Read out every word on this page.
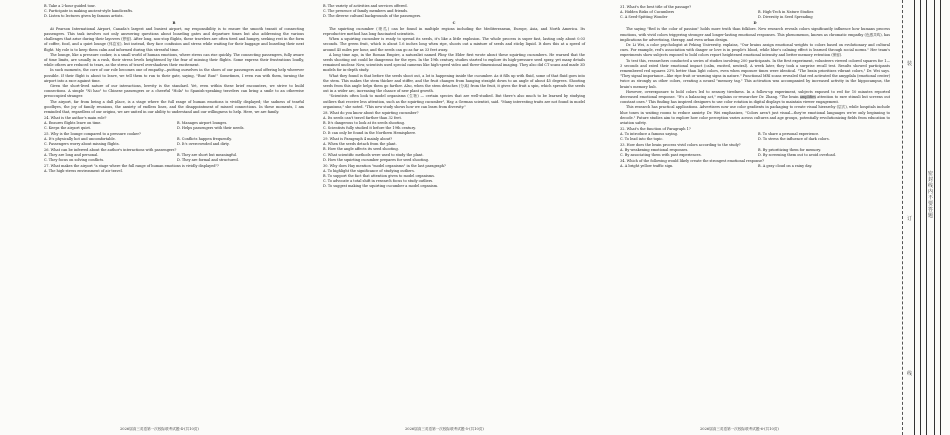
B. Take a 2-hour guided tour.

C. Participate in making ancient-style handicrafts.

D. Listen to lectures given by famous artists.

B

At Pearson International Airport, Canada's largest and busiest airport, my responsibility is to ensure the smooth transit of connecting passengers. This task involves not only answering questions about boarding gates and departure times but also addressing the various challenges that arise during their layovers (停留). After long, non-stop flights, these travelers are often tired and hungry, seeking rest in the form of coffee, food, and a quiet lounge (休息室), but instead, they face confusion and stress while waiting for their baggage and boarding their next flight. My role is to keep them calm and informed during this stressful time.

The lounge, like a pressure cooker, is a small world of human emotions, where stress can rise quickly. The connecting passengers, fully aware of time limits, are usually in a rush, their stress levels heightened by the fear of missing their flights. Some express their frustrations loudly, while others are reduced to tears, as the stress of travel overshadows their excitement.

In such moments, the core of our role becomes one of empathy—putting ourselves in the shoes of our passengers and offering help wherever possible. If their flight is about to leave, we tell them to run to their gate, saying, "Run! Run!" Sometimes, I even run with them, turning the airport into a race against time.

Given the short-lived nature of our interactions, brevity is the standard. Yet, even within these brief encounters, we strive to build connections. A simple "Ni hao" to Chinese passengers or a cheerful "Hola" to Spanish-speaking travelers can bring a smile to an otherwise preoccupied stranger.

The airport, far from being a dull place, is a stage where the full range of human emotions is vividly displayed; the sadness of tearful goodbyes, the joy of family reunions, the anxiety of endless lines, and the disappointment of missed connections. In these moments, I am reminded that, regardless of our origins, we are united in our ability to understand and our willingness to help. Here, we are family.

24. What is the author's main role?

A. Ensures flights leave on time.	B. Manages airport lounges.
C. Keeps the airport quiet.	D. Helps passengers with their needs.

25. Why is the lounge compared to a pressure cooker?

A. It's physically hot and uncomfortable.	B. Conflicts happen frequently.
C. Passengers worry about missing flights.	D. It's overcrowded and dirty.

26. What can be inferred about the author's interactions with passengers?

A. They are long and personal.	B. They are short but meaningful.
C. They focus on solving conflicts.	D. They are formal and structured.

27. What makes the airport "a stage where the full range of human emotions is vividly displayed"?

A. The high-stress environment of air travel.

B. The variety of activities and services offered.

C. The presence of family members and friends.

D. The diverse cultural backgrounds of the passengers.

C

The squirting cucumber (喷瓜) can be found in multiple regions including the Mediterranean, Europe, Asia, and North America. Its reproductive method has long fascinated scientists.

When a squirting cucumber is ready to spread its seeds, it's like a little explosion. The whole process is super fast, lasting only about 0.03 seconds. The green fruit, which is about 1.6 inches long when ripe, shoots out a mixture of seeds and sticky liquid. It does this at a speed of around 45 miles per hour, and the seeds can go as far as 33 feet away.

A long time ago, in the Roman Empire, a naturalist named Pliny the Elder first wrote about these squirting cucumbers. He warned that the seeds shooting out could be dangerous for the eyes. In the 19th century, studies started to explore its high-pressure seed spray, yet many details remained unclear. Now, scientists used special cameras like high-speed video and three-dimensional imaging. They also did CT scans and made 3D models for in-depth study.

What they found is that before the seeds shoot out, a lot is happening inside the cucumber. As it fills up with fluid, some of that fluid goes into the stem. This makes the stem thicker and stiffer, and the fruit changes from hanging straight down to an angle of about 45 degrees. Shooting seeds from this angle helps them go farther. Also, when the stem detaches (分离) from the fruit, it gives the fruit a spin, which spreads the seeds out in a wider arc, increasing the chance of new plant growth.

"Scientists often look to model organisms (生物) — certain species that are well-studied. But there's also much to be learned by studying outliers that receive less attention, such as the squirting cucumber", Hay, a German scientist, said. "Many interesting traits are not found in model organisms," she noted. "This new study shows how we can learn from diversity."

28. What do you know about the squirting cucumber?

A. Its seeds can't travel farther than 32 feet.

B. It's dangerous to look at its seeds shooting.

C. Scientists fully studied it before the 19th century.

D. It can only be found in the Northern Hemisphere.

29. What is Paragraph 4 mainly about?

A. When the seeds detach from the plant.

B. How the angle affects its seed shooting.

C. What scientific methods were used to study the plant.

D. How the squirting cucumber prepares for seed shooting.

30. Why does Hay mention "model organisms" in the last paragraph?

A. To highlight the significance of studying outliers.

B. To support the fact that attention given to model organisms.

C. To advocate a total shift in research focus to study outliers.

D. To suggest making the squirting cucumber a model organism.

31. What's the best title of the passage?

A. Hidden Risks of Cucumbers	B. High-Tech in Nature Studies
C. A Seed-Spitting Wonder	D. Diversity in Seed Spreading

D

The saying "Red is the color of passion" holds more truth than folklore. New research reveals colors significantly influence how humans process emotions, with vivid colors triggering stronger and longer-lasting emotional responses. This phenomenon, known as chromatic empathy (色感共鸣), has implications for advertising, therapy, and even urban design.

Dr. Li Wei, a color psychologist at Peking University, explains, "Our brains assign emotional weights to colors based on evolutionary and cultural cues. For example, red's association with danger or love is in people's blood, while blue's calming effect is learned through social norms." Her team's experiments show subjects exposed to bold colors report heightened emotional intensity and better memory retention (保留).

To test this, researchers conducted a series of studies involving 200 participants. In the first experiment, volunteers viewed colored squares for 1—3 seconds and rated their emotional impact (calm, excited, neutral). A week later, they took a surprise recall test. Results showed participants remembered red squares 23% better than light colors, even when exposure times were identical. "The brain prioritizes vibrant colors," Dr. Wei says. "They signal importance—like ripe fruit or warning signs in nature." Functional MRI scans revealed that red activated the amygdala (emotional center) twice as strongly as other colors, creating a neural "memory tag." This activation was accompanied by increased activity in the hippocampus, the brain's memory hub.

However, overexposure to bold colors led to sensory tiredness. In a follow-up experiment, subjects exposed to red for 10 minutes reported decreased emotional response. "It's a balancing act," explains co-researcher Dr. Zhang. "The brain amplifies attention to rare stimuli but screens out constant ones." This finding has inspired designers to use color rotation in digital displays to maintain viewer engagement.

This research has practical applications. Advertisers now use color gradients in packaging to create visual hierarchy (层次), while hospitals include blue tones in waiting rooms to reduce anxiety. Dr. Wei emphasizes, "Colors aren't just visual—they're emotional languages we're only beginning to decode." Future studies aim to explore how color perception varies across cultures and age groups, potentially revolutionizing fields from education to aviation safety.

32. What's the function of Paragraph 1?

A. To introduce a famous saying.	B. To share a personal experience.
C. To lead into the topic.	D. To stress the influence of dark colors.

33. How does the brain process vivid colors according to the study?

A. By weakening emotional responses.	B. By prioritizing them for memory.
C. By associating them with past experiences.	D. By screening them out to avoid overload.

34. Which of the following would likely create the strongest emotional response?

A. A bright yellow traffic sign.	B. A gray cloud on a rainy day.
2026届高三英语第一次校际联考试题-4-(共10页)	2026届高三英语第一次校际联考试题-5-(共10页)	2026届高三英语第一次校际联考试题-6-(共10页)
装
订
线
密
封
线
内
不
要
答
题
